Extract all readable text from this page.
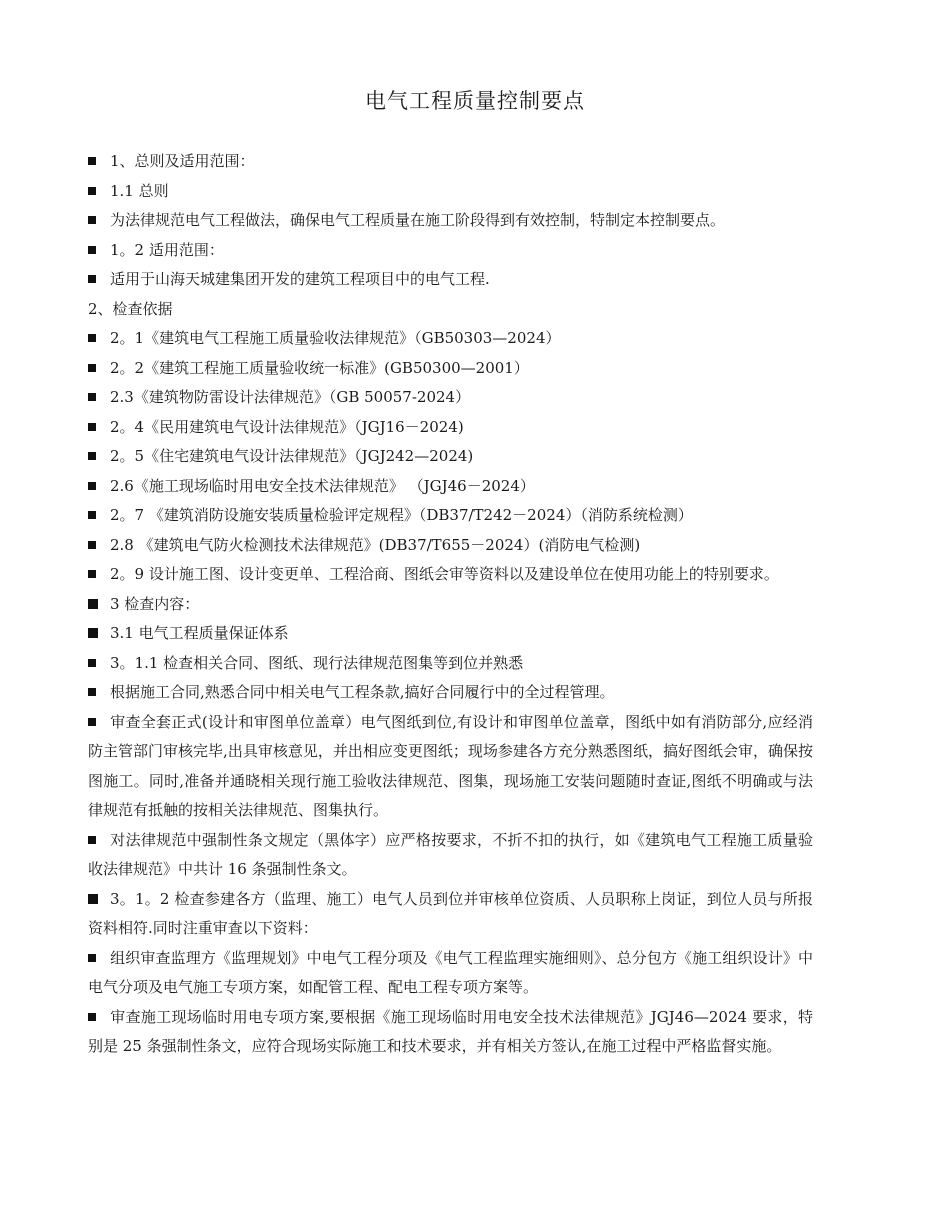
电气工程质量控制要点

1、总则及适用范围：

1.1 总则

为法律规范电气工程做法，确保电气工程质量在施工阶段得到有效控制，特制定本控制要点。

1。2 适用范围：

适用于山海天城建集团开发的建筑工程项目中的电气工程.

2、检查依据

2。1《建筑电气工程施工质量验收法律规范》（GB50303—2024）

2。2《建筑工程施工质量验收统一标准》(GB50300—2001）

2.3《建筑物防雷设计法律规范》（GB 50057-2024）

2。4《民用建筑电气设计法律规范》（JGJ16－2024)

2。5《住宅建筑电气设计法律规范》（JGJ242—2024)

2.6《施工现场临时用电安全技术法律规范》 （JGJ46－2024）

2。7 《建筑消防设施安装质量检验评定规程》（DB37/T242－2024）（消防系统检测）

2.8 《建筑电气防火检测技术法律规范》(DB37/T655－2024）(消防电气检测)

2。9 设计施工图、设计变更单、工程洽商、图纸会审等资料以及建设单位在使用功能上的特别要求。

3 检查内容：

3.1 电气工程质量保证体系

3。1.1 检查相关合同、图纸、现行法律规范图集等到位并熟悉

根据施工合同,熟悉合同中相关电气工程条款,搞好合同履行中的全过程管理。

审查全套正式(设计和审图单位盖章）电气图纸到位,有设计和审图单位盖章，图纸中如有消防部分,应经消防主管部门审核完毕,出具审核意见，并出相应变更图纸；现场参建各方充分熟悉图纸，搞好图纸会审，确保按图施工。同时,准备并通晓相关现行施工验收法律规范、图集，现场施工安装问题随时查证,图纸不明确或与法律规范有抵触的按相关法律规范、图集执行。

对法律规范中强制性条文规定（黑体字）应严格按要求，不折不扣的执行，如《建筑电气工程施工质量验收法律规范》中共计 16 条强制性条文。

3。1。2 检查参建各方（监理、施工）电气人员到位并审核单位资质、人员职称上岗证，到位人员与所报资料相符.同时注重审查以下资料：

组织审查监理方《监理规划》中电气工程分项及《电气工程监理实施细则》、总分包方《施工组织设计》中电气分项及电气施工专项方案，如配管工程、配电工程专项方案等。

审查施工现场临时用电专项方案,要根据《施工现场临时用电安全技术法律规范》JGJ46—2024 要求，特别是 25 条强制性条文，应符合现场实际施工和技术要求，并有相关方签认,在施工过程中严格监督实施。
